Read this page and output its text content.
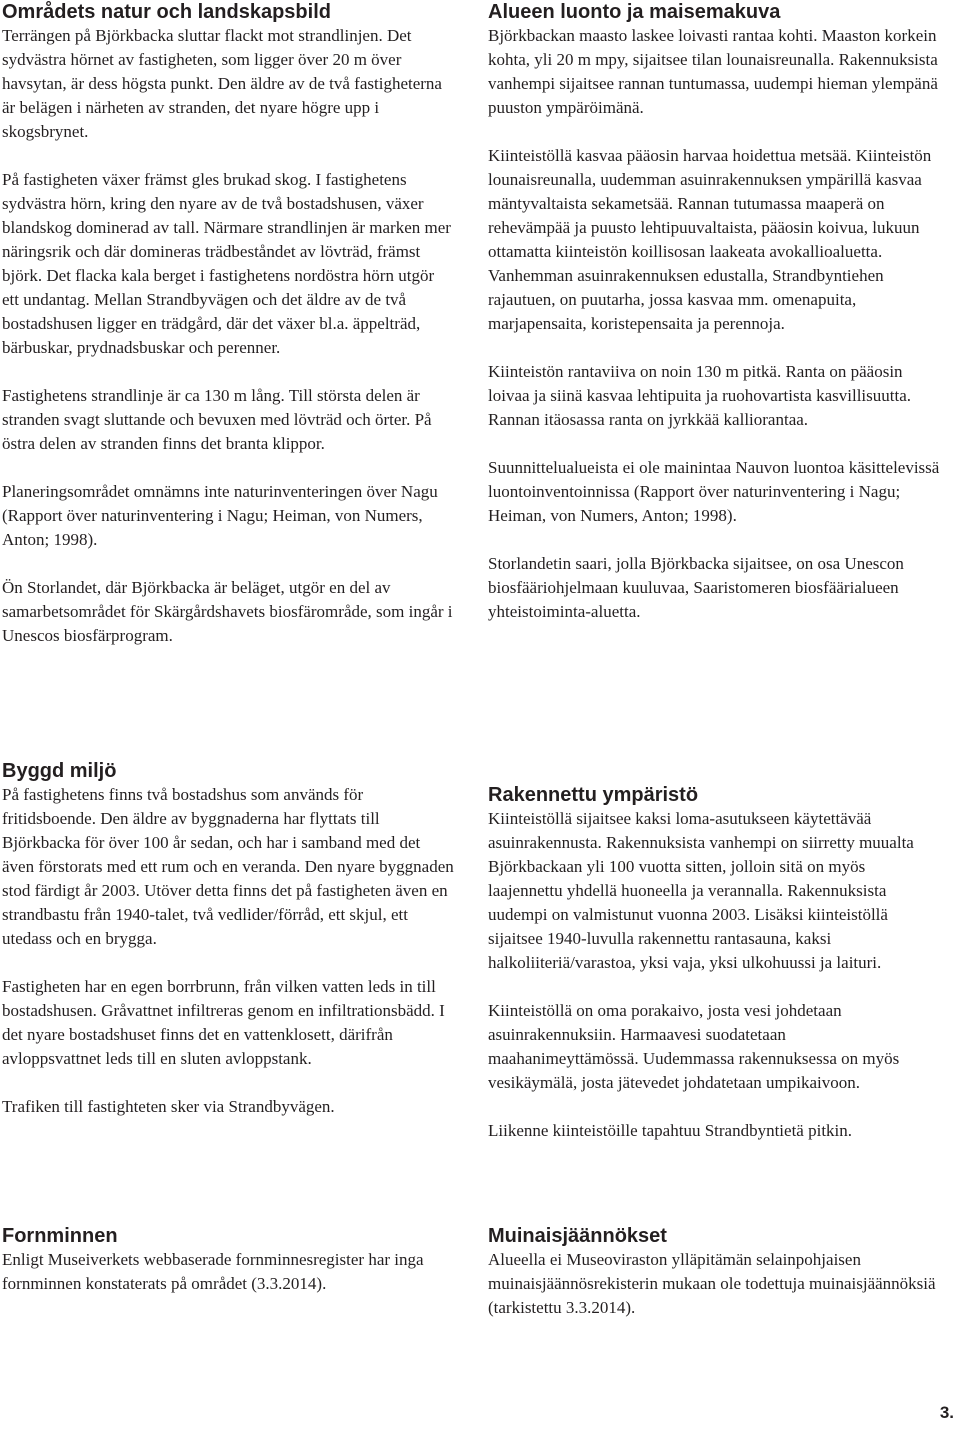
Områdets natur och landskapsbild

Terrängen på Björkbacka sluttar flackt mot strandlinjen. Det sydvästra hörnet av fastigheten, som ligger över 20 m över havsytan, är dess högsta punkt. Den äldre av de två fastigheterna är belägen i närheten av stranden, det nyare högre upp i skogsbrynet.

På fastigheten växer främst gles brukad skog. I fastighetens sydvästra hörn, kring den nyare av de två bostadshusen, växer blandskog dominerad av tall. Närmare strandlinjen är marken mer näringsrik och där domineras trädbeståndet av lövträd, främst björk. Det flacka kala berget i fastighetens nordöstra hörn utgör ett undantag. Mellan Strandbyvägen och det äldre av de två bostadshusen ligger en trädgård, där det växer bl.a. äppelträd, bärbuskar, prydnadsbuskar och perenner.

Fastighetens strandlinje är ca 130 m lång. Till största delen är stranden svagt sluttande och bevuxen med lövträd och örter. På östra delen av stranden finns det branta klippor.

Planeringsområdet omnämns inte naturinventeringen över Nagu (Rapport över naturinventering i Nagu; Heiman, von Numers, Anton; 1998).

Ön Storlandet, där Björkbacka är beläget, utgör en del av samarbetsområdet för Skärgårdshavets biosfärområde, som ingår i Unescos biosfärprogram.

Byggd miljö

På fastighetens finns två bostadshus som används för fritidsboende. Den äldre av byggnaderna har flyttats till Björkbacka för över 100 år sedan, och har i samband med det även förstorats med ett rum och en veranda. Den nyare byggnaden stod färdigt år 2003. Utöver detta finns det på fastigheten även en strandbastu från 1940-talet, två vedlider/förråd, ett skjul, ett utedass och en brygga.

Fastigheten har en egen borrbrunn, från vilken vatten leds in till bostadshusen. Gråvattnet infiltreras genom en infiltrationsbädd. I det nyare bostadshuset finns det en vattenklosett, därifrån avloppsvattnet leds till en sluten avloppstank.

Trafiken till fastighteten sker via Strandbyvägen.

Fornminnen

Enligt Museiverkets webbaserade fornminnesregister har inga fornminnen konstaterats på området (3.3.2014).

Alueen luonto ja maisemakuva

Björkbackan maasto laskee loivasti rantaa kohti. Maaston korkein kohta, yli 20 m mpy, sijaitsee tilan lounaisreunalla. Rakennuksista vanhempi sijaitsee rannan tuntumassa, uudempi hieman ylempänä puuston ympäröimänä.

Kiinteistöllä kasvaa pääosin harvaa hoidettua metsää. Kiinteistön lounaisreunalla, uudemman asuinrakennuksen ympärillä kasvaa mäntyvaltaista sekametsää. Rannan tutumassa maaperä on rehevämpää ja puusto lehtipuuvaltaista, pääosin koivua, lukuun ottamatta kiinteistön koillisosan laakeata avokallioaluetta. Vanhemman asuinrakennuksen edustalla, Strandbyntiehen rajautuen, on puutarha, jossa kasvaa mm. omenapuita, marjapensaita, koristepensaita ja perennoja.

Kiinteistön rantaviiva on noin 130 m pitkä. Ranta on pääosin loivaa ja siinä kasvaa lehtipuita ja ruohovartista kasvillisuutta. Rannan itäosassa ranta on jyrkkää kalliorantaa.

Suunnittelualueista ei ole mainintaa Nauvon luontoa käsittelevissä luontoinventoinnissa (Rapport över naturinventering i Nagu; Heiman, von Numers, Anton; 1998).

Storlandetin saari, jolla Björkbacka sijaitsee, on osa Unescon biosfääriohjelmaan kuuluvaa, Saaristomeren biosfäärialueen yhteistoiminta-aluetta.

Rakennettu ympäristö

Kiinteistöllä sijaitsee kaksi loma-asutukseen käytettävää asuinrakennusta. Rakennuksista vanhempi on siirretty muualta Björkbackaan yli 100 vuotta sitten, jolloin sitä on myös laajennettu yhdellä huoneella ja verannalla. Rakennuksista uudempi on valmistunut vuonna 2003. Lisäksi kiinteistöllä sijaitsee 1940-luvulla rakennettu rantasauna, kaksi halkoliiteriä/varastoa, yksi vaja, yksi ulkohuussi ja laituri.

Kiinteistöllä on oma porakaivo, josta vesi johdetaan asuinrakennuksiin. Harmaavesi suodatetaan maahanimeyttämössä. Uudemmassa rakennuksessa on myös vesikäymälä, josta jätevedet johdatetaan umpikaivoon.

Liikenne kiinteistöille tapahtuu Strandbyntietä pitkin.

Muinaisjäännökset

Alueella ei Museoviraston ylläpitämän selainpohjaisen muinaisjäännösrekisterin mukaan ole todettuja muinaisjäännöksiä (tarkistettu 3.3.2014).

3.
